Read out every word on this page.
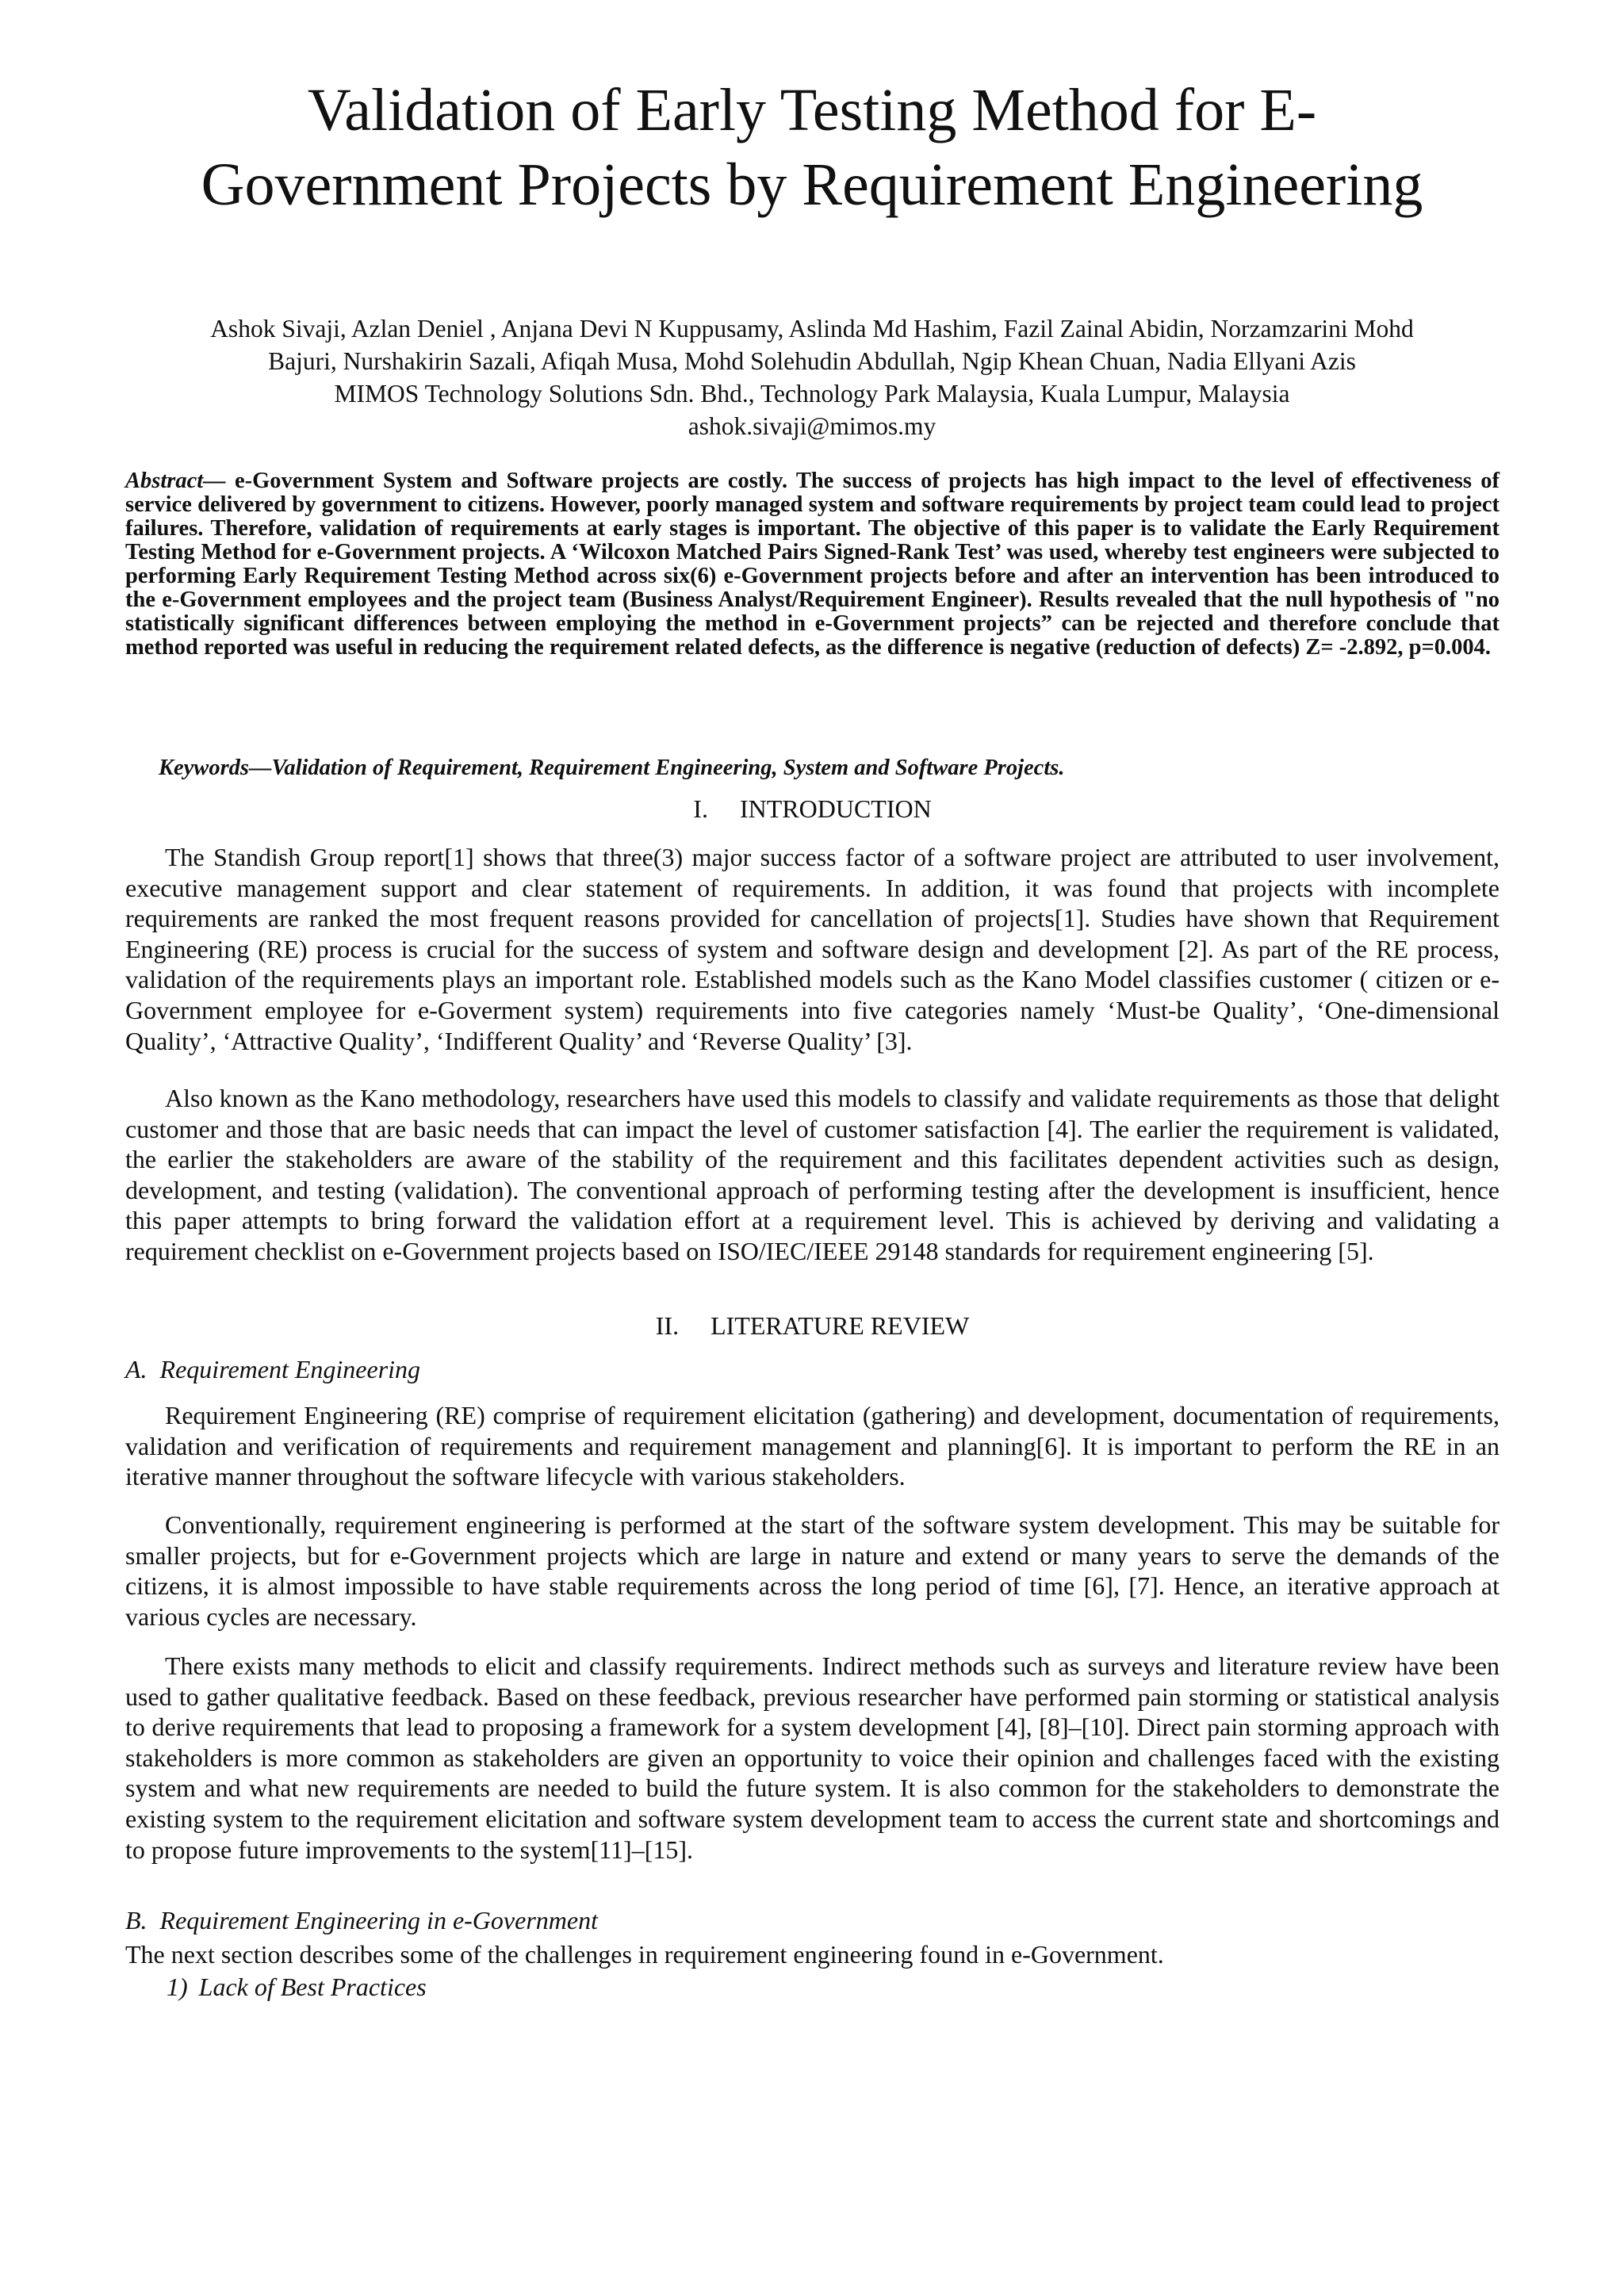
Validation of Early Testing Method for E-
Government Projects by Requirement Engineering
Ashok Sivaji, Azlan Deniel , Anjana Devi N Kuppusamy, Aslinda Md Hashim, Fazil Zainal Abidin, Norzamzarini Mohd
Bajuri, Nurshakirin Sazali, Afiqah Musa, Mohd Solehudin Abdullah, Ngip Khean Chuan, Nadia Ellyani Azis
MIMOS Technology Solutions Sdn. Bhd., Technology Park Malaysia, Kuala Lumpur, Malaysia
ashok.sivaji@mimos.my
Abstract— e-Government System and Software projects are costly. The success of projects has high impact to the level of effectiveness of service delivered by government to citizens. However, poorly managed system and software requirements by project team could lead to project failures. Therefore, validation of requirements at early stages is important. The objective of this paper is to validate the Early Requirement Testing Method for e-Government projects. A ‘Wilcoxon Matched Pairs Signed-Rank Test’ was used, whereby test engineers were subjected to performing Early Requirement Testing Method across six(6) e-Government projects before and after an intervention has been introduced to the e-Government employees and the project team (Business Analyst/Requirement Engineer). Results revealed that the null hypothesis of "no statistically significant differences between employing the method in e-Government projects” can be rejected and therefore conclude that method reported was useful in reducing the requirement related defects, as the difference is negative (reduction of defects) Z= -2.892, p=0.004.
Keywords—Validation of Requirement, Requirement Engineering, System and Software Projects.
I. INTRODUCTION

The Standish Group report[1] shows that three(3) major success factor of a software project are attributed to user involvement, executive management support and clear statement of requirements. In addition, it was found that projects with incomplete requirements are ranked the most frequent reasons provided for cancellation of projects[1]. Studies have shown that Requirement Engineering (RE) process is crucial for the success of system and software design and development [2]. As part of the RE process, validation of the requirements plays an important role. Established models such as the Kano Model classifies customer ( citizen or e-Government employee for e-Goverment system) requirements into five categories namely ‘Must-be Quality’, ‘One-dimensional Quality’, ‘Attractive Quality’, ‘Indifferent Quality’ and ‘Reverse Quality’ [3].

Also known as the Kano methodology, researchers have used this models to classify and validate requirements as those that delight customer and those that are basic needs that can impact the level of customer satisfaction [4]. The earlier the requirement is validated, the earlier the stakeholders are aware of the stability of the requirement and this facilitates dependent activities such as design, development, and testing (validation). The conventional approach of performing testing after the development is insufficient, hence this paper attempts to bring forward the validation effort at a requirement level. This is achieved by deriving and validating a requirement checklist on e-Government projects based on ISO/IEC/IEEE 29148 standards for requirement engineering [5].

II. LITERATURE REVIEW
A. Requirement Engineering

Requirement Engineering (RE) comprise of requirement elicitation (gathering) and development, documentation of requirements, validation and verification of requirements and requirement management and planning[6]. It is important to perform the RE in an iterative manner throughout the software lifecycle with various stakeholders.

Conventionally, requirement engineering is performed at the start of the software system development. This may be suitable for smaller projects, but for e-Government projects which are large in nature and extend or many years to serve the demands of the citizens, it is almost impossible to have stable requirements across the long period of time [6], [7]. Hence, an iterative approach at various cycles are necessary.

There exists many methods to elicit and classify requirements. Indirect methods such as surveys and literature review have been used to gather qualitative feedback. Based on these feedback, previous researcher have performed pain storming or statistical analysis to derive requirements that lead to proposing a framework for a system development [4], [8]–[10]. Direct pain storming approach with stakeholders is more common as stakeholders are given an opportunity to voice their opinion and challenges faced with the existing system and what new requirements are needed to build the future system. It is also common for the stakeholders to demonstrate the existing system to the requirement elicitation and software system development team to access the current state and shortcomings and to propose future improvements to the system[11]–[15].

B. Requirement Engineering in e-Government

The next section describes some of the challenges in requirement engineering found in e-Government.

1) Lack of Best Practices
